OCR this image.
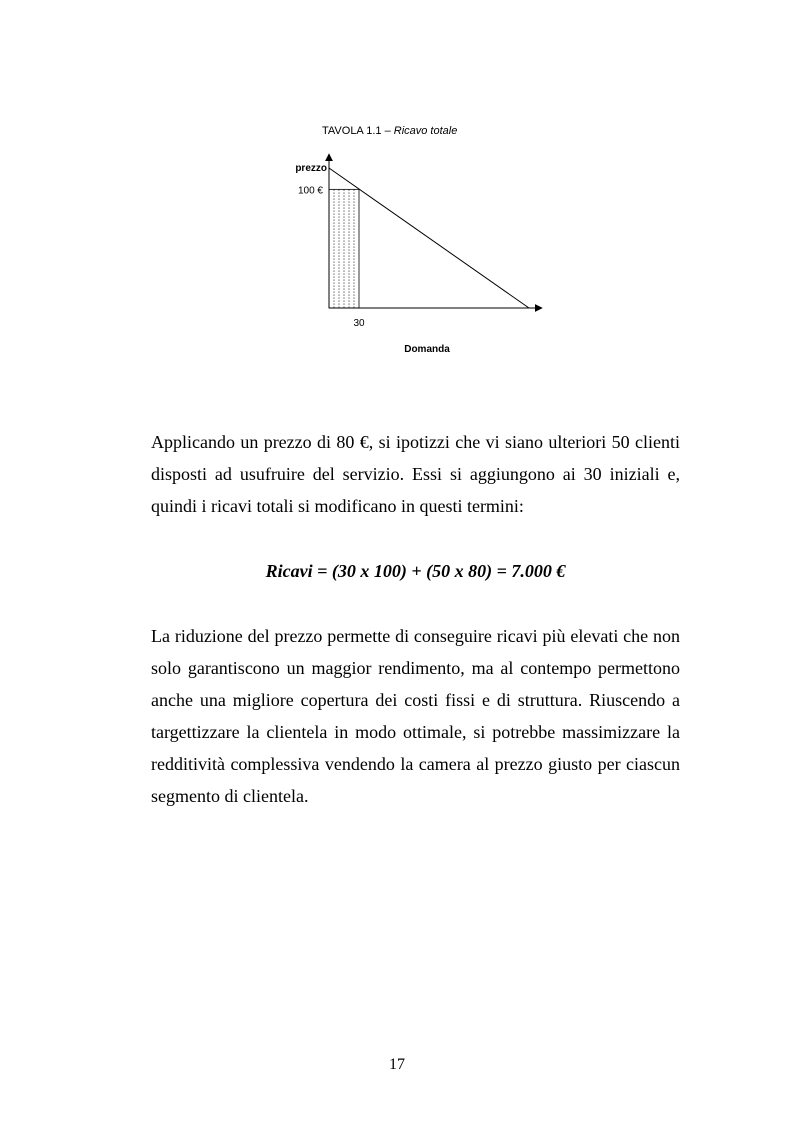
TAVOLA 1.1 – Ricavo totale
prezzo
100 €
30
Domanda

Applicando un prezzo di 80 €, si ipotizzi che vi siano ulteriori 50 clienti disposti ad usufruire del servizio. Essi si aggiungono ai 30 iniziali e, quindi i ricavi totali si modificano in questi termini:

Ricavi = (30 x 100) + (50 x 80) = 7.000 €

La riduzione del prezzo permette di conseguire ricavi più elevati che non solo garantiscono un maggior rendimento, ma al contempo permettono anche una migliore copertura dei costi fissi e di struttura. Riuscendo a targettizzare la clientela in modo ottimale, si potrebbe massimizzare la redditività complessiva vendendo la camera al prezzo giusto per ciascun segmento di clientela.

17
